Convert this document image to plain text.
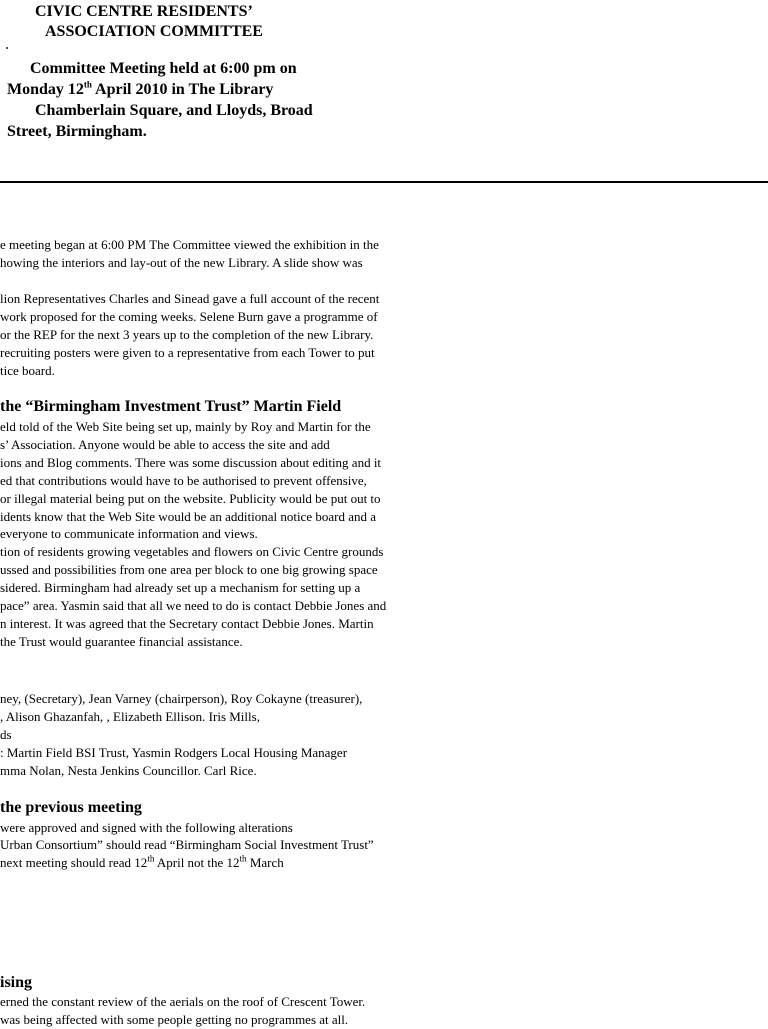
CIVIC CENTRE RESIDENTS’
ASSOCIATION COMMITTEE
Committee Meeting held at 6:00 pm on
Monday 12th April 2010 in The Library
Chamberlain Square, and Lloyds, Broad
Street, Birmingham.
e meeting began at 6:00 PM The Committee viewed the exhibition in the
howing the interiors and lay-out of the new Library. A slide show was
lion Representatives Charles and Sinead gave a full account of the recent
work proposed for the coming weeks. Selene Burn gave a programme of
or the REP for the next 3 years up to the completion of the new Library.
recruiting posters were given to a representative from each Tower to put
tice board.
the “Birmingham Investment Trust” Martin Field
eld told of the Web Site being set up, mainly by Roy and Martin for the
s’ Association. Anyone would be able to access the site and add
ions and Blog comments. There was some discussion about editing and it
ed that contributions would have to be authorised to prevent offensive,
or illegal material being put on the website. Publicity would be put out to
idents know that the Web Site would be an additional notice board and a
everyone to communicate information and views.
tion of residents growing vegetables and flowers on Civic Centre grounds
ussed and possibilities from one area per block to one big growing space
sidered. Birmingham had already set up a mechanism for setting up a
pace” area. Yasmin said that all we need to do is contact Debbie Jones and
n interest. It was agreed that the Secretary contact Debbie Jones. Martin
the Trust would guarantee financial assistance.
ney, (Secretary), Jean Varney (chairperson), Roy Cokayne (treasurer),
, Alison Ghazanfah, , Elizabeth Ellison. Iris Mills,
ds
: Martin Field BSI Trust, Yasmin Rodgers Local Housing Manager
mma Nolan, Nesta Jenkins Councillor. Carl Rice.
the previous meeting
were approved and signed with the following alterations
Urban Consortium” should read “Birmingham Social Investment Trust”
next meeting should read 12th April not the 12th March
ising
erned the constant review of the aerials on the roof of Crescent Tower.
was being affected with some people getting no programmes at all.
